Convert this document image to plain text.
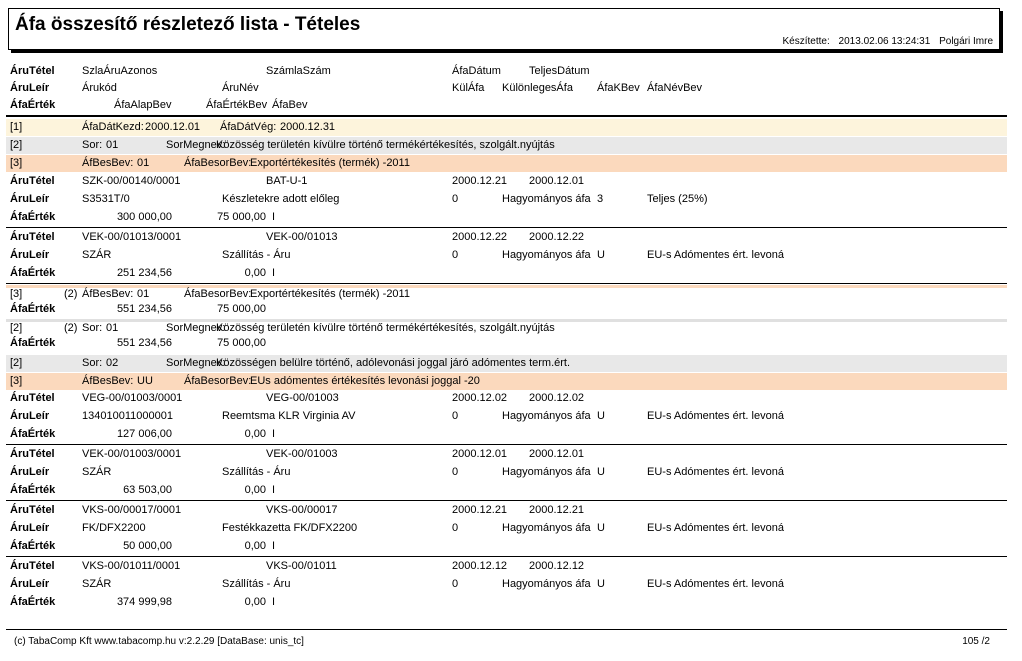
Áfa összesítő részletező lista - Tételes
Készítette: 2013.02.06 13:24:31 Polgári Imre
ÁruTétel SzlaÁruAzonos	SzámlaSzám	ÁfaDátum	TeljesDátum
ÁruLeír	Árukód	ÁruNév	KülÁfa KülönlegesÁfa ÁfaKBev ÁfaNévBev
ÁfaÉrték	ÁfaAlapBev	ÁfaÉrtékBev ÁfaBev
[1]	ÁfaDátKezd: 2000.12.01 ÁfaDátVég: 2000.12.31
[2]	Sor: 01	SorMegnev:
Közösség területén kívülre történő termékértékesítés, szolgált.nyújtás
[3]	ÁfBesBev: 01	ÁfaBesorBev:
Exportértékesítés (termék) -2011
ÁruTétel SZK-00/00140/0001	BAT-U-1	2000.12.21 2000.12.01
ÁruLeír	S3531T/0	Készletekre adott előleg	0	Hagyományos áfa 3	Teljes (25%)
ÁfaÉrték	300 000,00	75 000,00 I
ÁruTétel VEK-00/01013/0001	VEK-00/01013	2000.12.22 2000.12.22
ÁruLeír	SZÁR	Szállítás - Áru	0	Hagyományos áfa U	EU-s Adómentes ért. levoná
ÁfaÉrték	251 234,56	0,00 I
[3]	(2) ÁfBesBev: 01	ÁfaBesorBev:
Exportértékesítés (termék) -2011
ÁfaÉrték	551 234,56	75 000,00
[2]	(2) Sor: 01	SorMegnev:
Közösség területén kívülre történő termékértékesítés, szolgált.nyújtás
ÁfaÉrték	551 234,56	75 000,00
[2]	Sor: 02	SorMegnev:
Közösségen belülre történő, adólevonási joggal járó adómentes term.ért.
[3]	ÁfBesBev: UU	ÁfaBesorBev:
EUs adómentes értékesítés levonási joggal -20
ÁruTétel VEG-00/01003/0001	VEG-00/01003	2000.12.02 2000.12.02
ÁruLeír	134010011000001	Reemtsma KLR Virginia AV	0	Hagyományos áfa U	EU-s Adómentes ért. levoná
ÁfaÉrték	127 006,00	0,00 I
ÁruTétel VEK-00/01003/0001	VEK-00/01003	2000.12.01 2000.12.01
ÁruLeír	SZÁR	Szállítás - Áru	0	Hagyományos áfa U	EU-s Adómentes ért. levoná
ÁfaÉrték	63 503,00	0,00 I
ÁruTétel VKS-00/00017/0001	VKS-00/00017	2000.12.21 2000.12.21
ÁruLeír	FK/DFX2200	Festékkazetta FK/DFX2200	0	Hagyományos áfa U	EU-s Adómentes ért. levoná
ÁfaÉrték	50 000,00	0,00 I
ÁruTétel VKS-00/01011/0001	VKS-00/01011	2000.12.12 2000.12.12
ÁruLeír	SZÁR	Szállítás - Áru	0	Hagyományos áfa U	EU-s Adómentes ért. levoná
ÁfaÉrték	374 999,98	0,00 I
(c) TabaComp Kft www.tabacomp.hu v:2.2.29 [DataBase: unis_tc]	105 /2
